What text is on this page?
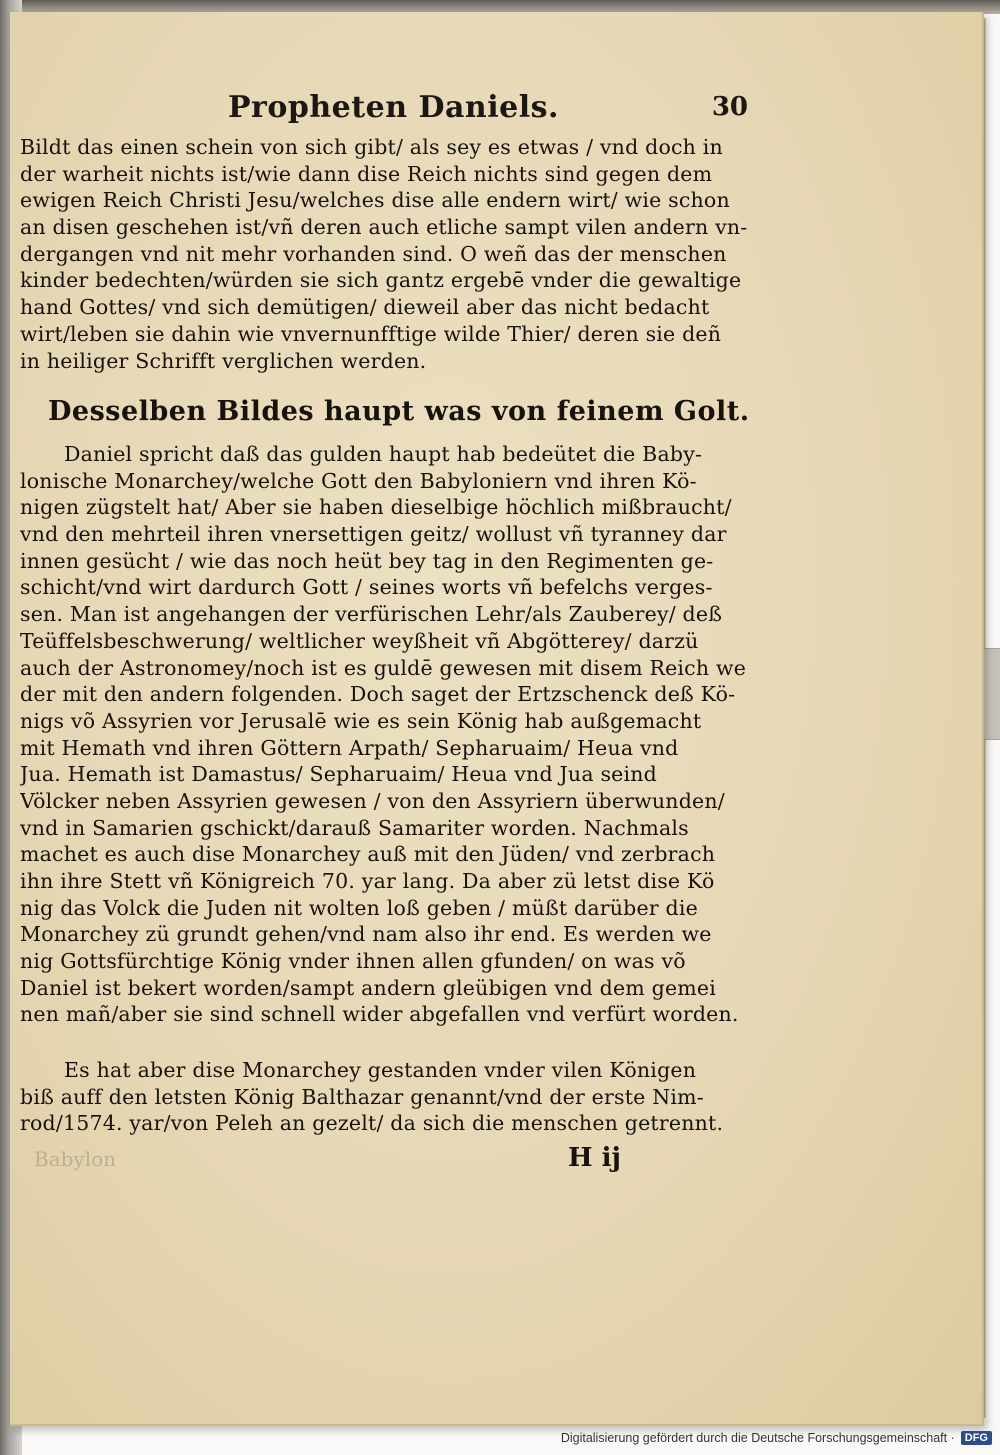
Propheten Daniels.	30
Bildt das einen schein von sich gibt/ als sey es etwas / vnd doch in
der warheit nichts ist/wie dann dise Reich nichts sind gegen dem
ewigen Reich Christi Jesu/welches dise alle endern wirt/ wie schon
an disen geschehen ist/vñ deren auch etliche sampt vilen andern vn-
dergangen vnd nit mehr vorhanden sind. O weñ das der menschen
kinder bedechten/würden sie sich gantz ergebē vnder die gewaltige
hand Gottes/ vnd sich demütigen/ dieweil aber das nicht bedacht
wirt/leben sie dahin wie vnvernunfftige wilde Thier/ deren sie deñ
in heiliger Schrifft verglichen werden.
Desselben Bildes haupt was von feinem Golt.
Daniel spricht daß das gulden haupt hab bedeütet die Baby-
lonische Monarchey/welche Gott den Babyloniern vnd ihren Kö-
nigen zügstelt hat/ Aber sie haben dieselbige höchlich mißbraucht/
vnd den mehrteil ihren vnersettigen geitz/ wollust vñ tyranney dar
innen gesücht / wie das noch heüt bey tag in den Regimenten ge-
schicht/vnd wirt dardurch Gott / seines worts vñ befelchs verges-
sen. Man ist angehangen der verfürischen Lehr/als Zauberey/ deß
Teüffelsbeschwerung/ weltlicher weyßheit vñ Abgötterey/ darzü
auch der Astronomey/noch ist es guldē gewesen mit disem Reich we
der mit den andern folgenden. Doch saget der Ertzschenck deß Kö-
nigs võ Assyrien vor Jerusalē wie es sein König hab außgemacht
mit Hemath vnd ihren Göttern Arpath/ Sepharuaim/ Heua vnd
Jua. Hemath ist Damastus/ Sepharuaim/ Heua vnd Jua seind
Völcker neben Assyrien gewesen / von den Assyriern überwunden/
vnd in Samarien gschickt/darauß Samariter worden. Nachmals
machet es auch dise Monarchey auß mit den Jüden/ vnd zerbrach
ihn ihre Stett vñ Königreich 70. yar lang. Da aber zü letst dise Kö
nig das Volck die Juden nit wolten loß geben / müßt darüber die
Monarchey zü grundt gehen/vnd nam also ihr end. Es werden we
nig Gottsfürchtige König vnder ihnen allen gfunden/ on was võ
Daniel ist bekert worden/sampt andern gleübigen vnd dem gemei
nen mañ/aber sie sind schnell wider abgefallen vnd verfürt worden.
Es hat aber dise Monarchey gestanden vnder vilen Königen
biß auff den letsten König Balthazar genannt/vnd der erste Nim-
rod/1574. yar/von Peleh an gezelt/ da sich die menschen getrennt.
Babylon	H ij
Digitalisierung gefördert durch die Deutsche Forschungsgemeinschaft · DFG
